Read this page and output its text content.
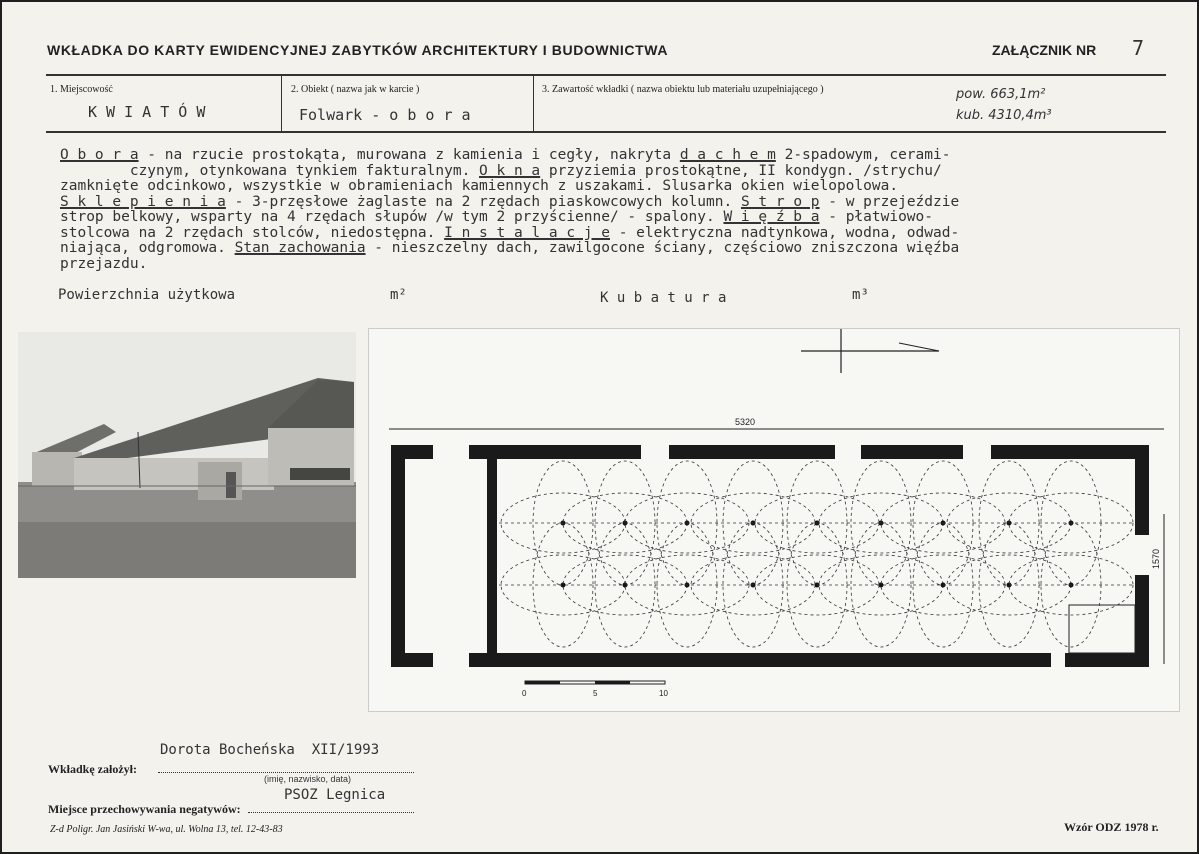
WKŁADKA DO KARTY EWIDENCYJNEJ ZABYTKÓW ARCHITEKTURY I BUDOWNICTWA	ZAŁĄCZNIK NR 7
1. Miejscowość
K W I A T Ó W
2. Obiekt ( nazwa jak w karcie )
Folwark - o b o r a
3. Zawartość wkładki ( nazwa obiektu lub materiału uzupełniającego )	pow. 663,1m²
kub. 4310,4m³
O b o r a - na rzucie prostokąta, murowana z kamienia i cegły, nakryta d a c h e m 2-spadowym, cerami-
czynym, otynkowana tynkiem fakturalnym. O k n a przyziemia prostokątne, II kondygn. /strychu/
zamknięte odcinkowo, wszystkie w obramieniach kamiennych z uszakami. Slusarka okien wielopolowa.
S k l e p i e n i a - 3-przęsłowe żaglaste na 2 rzędach piaskowcowych kolumn. S t r o p - w przejeździe
strop belkowy, wsparty na 4 rzędach słupów /w tym 2 przyścienne/ - spalony. W i ę ź b a - płatwiowo-
stolcowa na 2 rzędach stolców, niedostępna. I n s t a l a c j e - elektryczna nadtynkowa, wodna, odwad-
niająca, odgromowa. Stan zachowania - nieszczelny dach, zawilgocone ściany, częściowo zniszczona więźba
przejazdu.
Powierzchnia użytkowa	m²	K u b a t u r a	m³
5320
1570
0	5	10
Dorota Bocheńska  XII/1993
Wkładkę założył:
(imię, nazwisko, data)
PSOZ Legnica
Miejsce przechowywania negatywów:
Z-d Poligr. Jan Jasiński W-wa, ul. Wolna 13, tel. 12-43-83	Wzór ODZ 1978 r.
